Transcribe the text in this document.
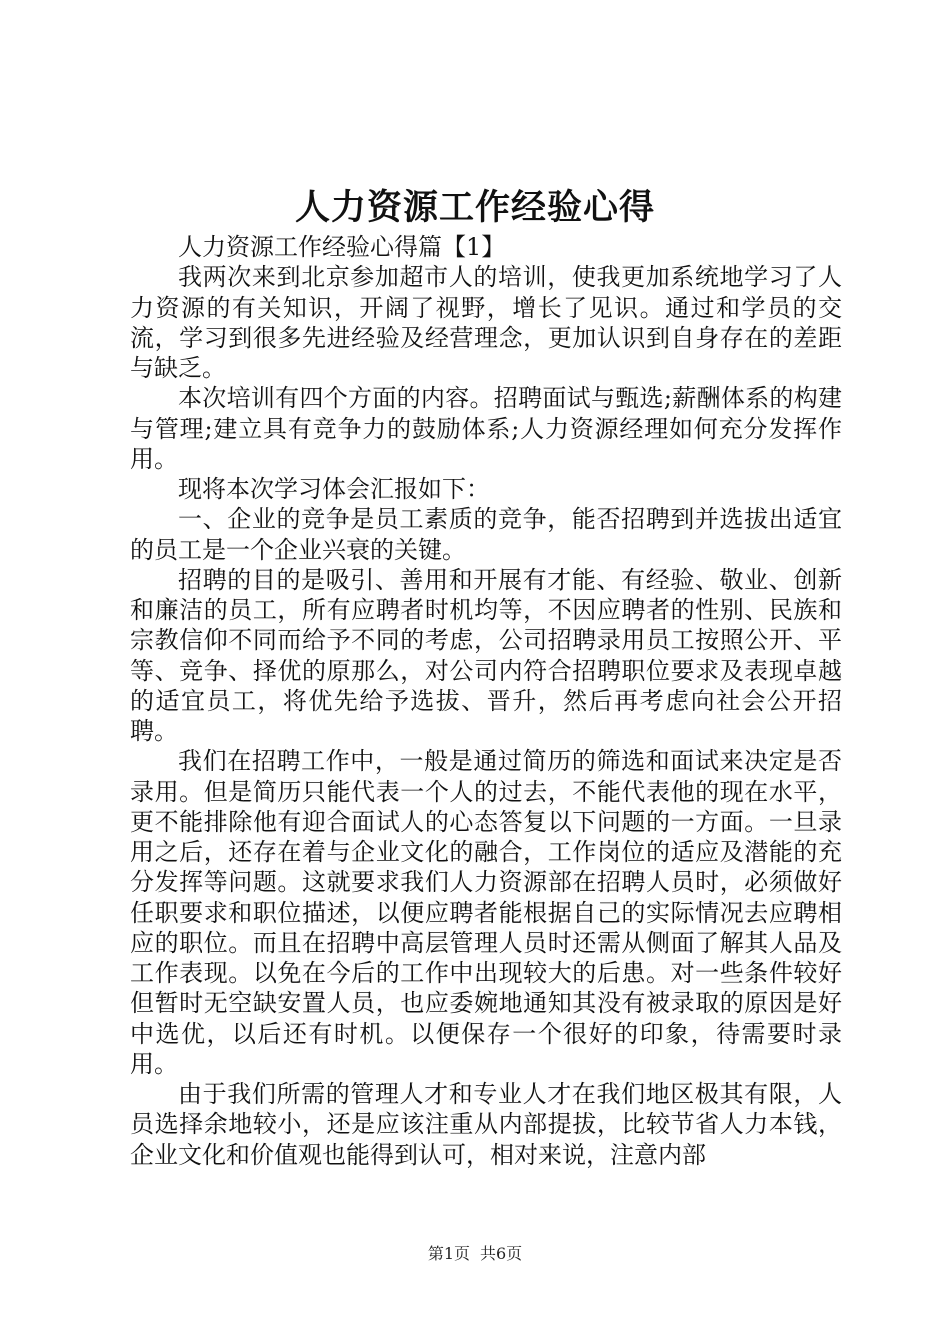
人力资源工作经验心得

人力资源工作经验心得篇【1】

我两次来到北京参加超市人的培训，使我更加系统地学习了人力资源的有关知识，开阔了视野，增长了见识。通过和学员的交流，学习到很多先进经验及经营理念，更加认识到自身存在的差距与缺乏。

本次培训有四个方面的内容。招聘面试与甄选;薪酬体系的构建与管理;建立具有竞争力的鼓励体系;人力资源经理如何充分发挥作用。

现将本次学习体会汇报如下：

一、企业的竞争是员工素质的竞争，能否招聘到并选拔出适宜的员工是一个企业兴衰的关键。

招聘的目的是吸引、善用和开展有才能、有经验、敬业、创新和廉洁的员工，所有应聘者时机均等，不因应聘者的性别、民族和宗教信仰不同而给予不同的考虑，公司招聘录用员工按照公开、平等、竞争、择优的原那么，对公司内符合招聘职位要求及表现卓越的适宜员工，将优先给予选拔、晋升，然后再考虑向社会公开招聘。

我们在招聘工作中，一般是通过简历的筛选和面试来决定是否录用。但是简历只能代表一个人的过去，不能代表他的现在水平，更不能排除他有迎合面试人的心态答复以下问题的一方面。一旦录用之后，还存在着与企业文化的融合，工作岗位的适应及潜能的充分发挥等问题。这就要求我们人力资源部在招聘人员时，必须做好任职要求和职位描述，以便应聘者能根据自己的实际情况去应聘相应的职位。而且在招聘中高层管理人员时还需从侧面了解其人品及工作表现。以免在今后的工作中出现较大的后患。对一些条件较好但暂时无空缺安置人员，也应委婉地通知其没有被录取的原因是好中选优，以后还有时机。以便保存一个很好的印象，待需要时录用。

由于我们所需的管理人才和专业人才在我们地区极其有限，人员选择余地较小，还是应该注重从内部提拔，比较节省人力本钱，企业文化和价值观也能得到认可，相对来说，注意内部

第1页 共6页
